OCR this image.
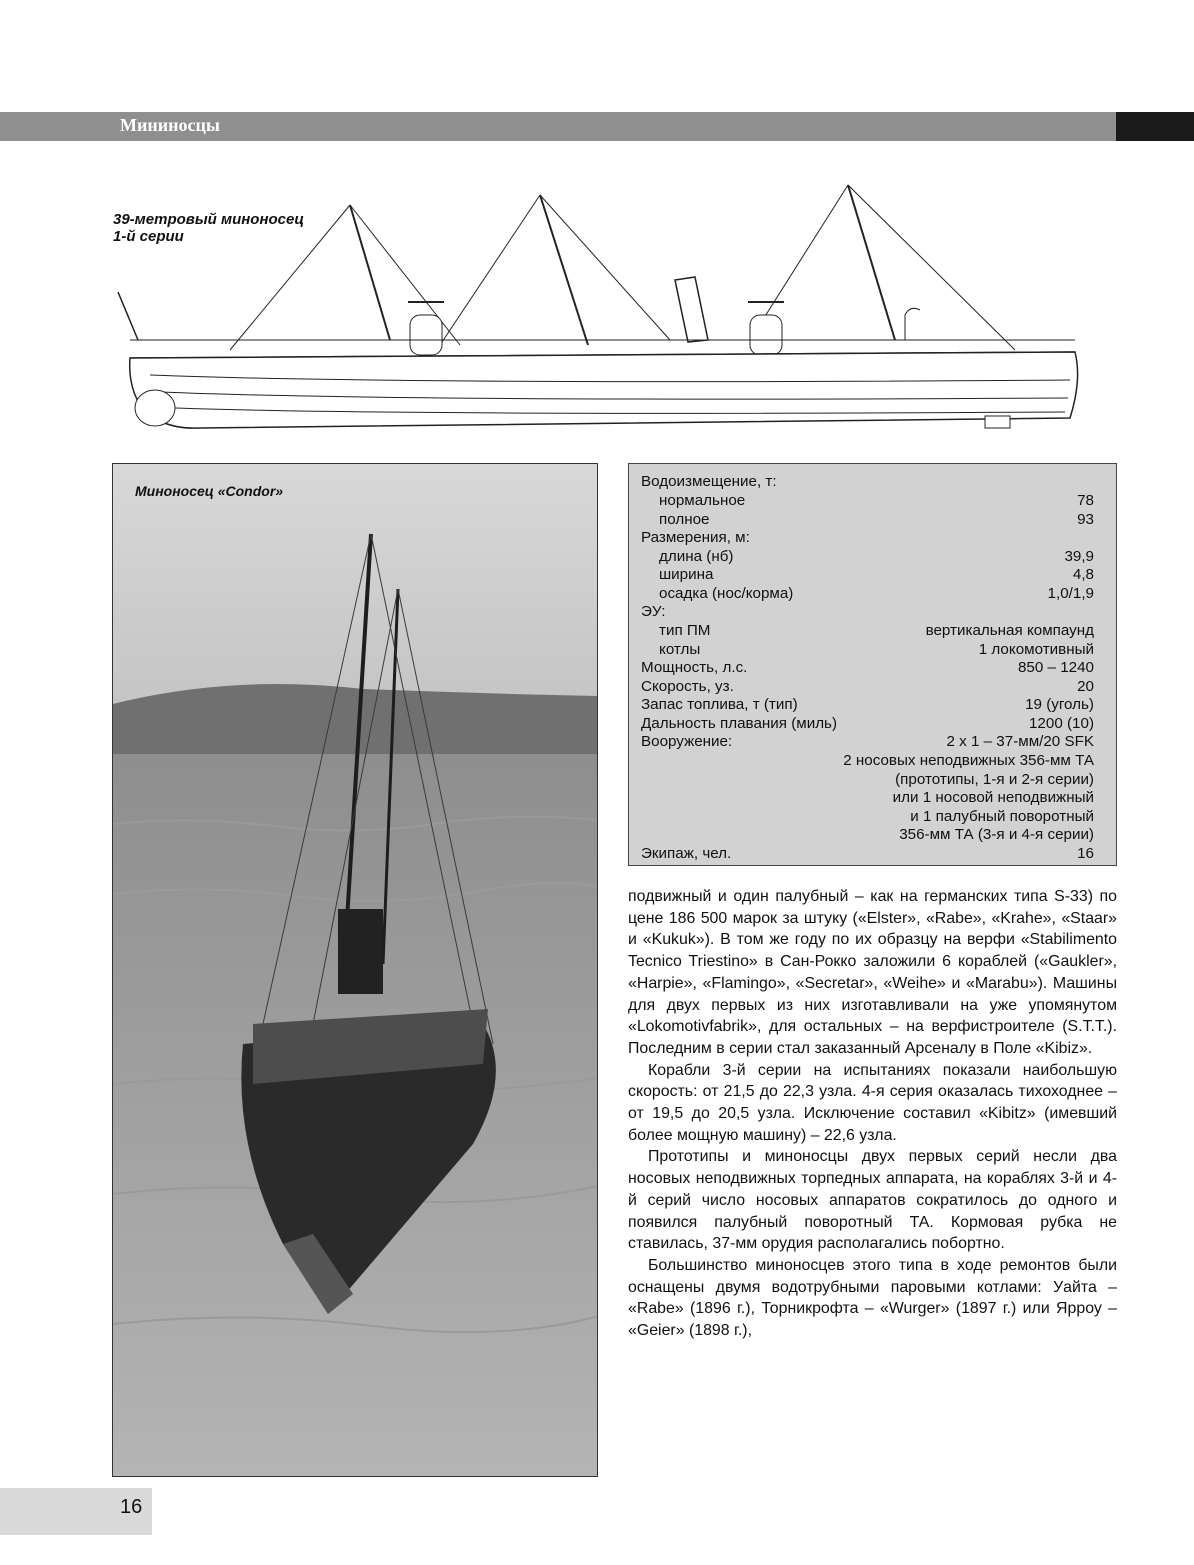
Мининосцы
39-метровый миноносец
1-й серии
Миноносец «Condor»
Водоизмещение, т:
нормальное	78
полное	93
Размерения, м:
длина (нб)	39,9
ширина	4,8
осадка (нос/корма)	1,0/1,9
ЭУ:
тип ПМ	вертикальная компаунд
котлы	1 локомотивный
Мощность, л.с.	850 – 1240
Скорость, уз.	20
Запас топлива, т (тип)	19 (уголь)
Дальность плавания (миль)	1200 (10)
Вооружение:	2 х 1 – 37-мм/20 SFK
2 носовых неподвижных 356-мм ТА
(прототипы, 1-я и 2-я серии)
или 1 носовой неподвижный
и 1 палубный поворотный
356-мм ТА (3-я и 4-я серии)
Экипаж, чел.	16

подвижный и один палубный – как на германских типа S-33) по цене 186 500 марок за штуку («Elster», «Rabe», «Krahe», «Staar» и «Kukuk»). В том же году по их образцу на верфи «Stabilimento Tecnico Triestino» в Сан-Рокко заложили 6 кораблей («Gaukler», «Harpie», «Flamingo», «Secretar», «Weihe» и «Marabu»). Машины для двух первых из них изготавливали на уже упомянутом «Lokomotivfabrik», для остальных – на верфистроителе (S.T.T.). Последним в серии стал заказанный Арсеналу в Поле «Kibiz».

Корабли 3-й серии на испытаниях показали наибольшую скорость: от 21,5 до 22,3 узла. 4-я серия оказалась тихоходнее – от 19,5 до 20,5 узла. Исключение составил «Kibitz» (имевший более мощную машину) – 22,6 узла.

Прототипы и миноносцы двух первых серий несли два носовых неподвижных торпедных аппарата, на кораблях 3-й и 4-й серий число носовых аппаратов сократилось до одного и появился палубный поворотный ТА. Кормовая рубка не ставилась, 37-мм орудия располагались побортно.

Большинство миноносцев этого типа в ходе ремонтов были оснащены двумя водотрубными паровыми котлами: Уайта – «Rabe» (1896 г.), Торникрофта – «Wurger» (1897 г.) или Ярроу – «Geier» (1898 г.),

16
